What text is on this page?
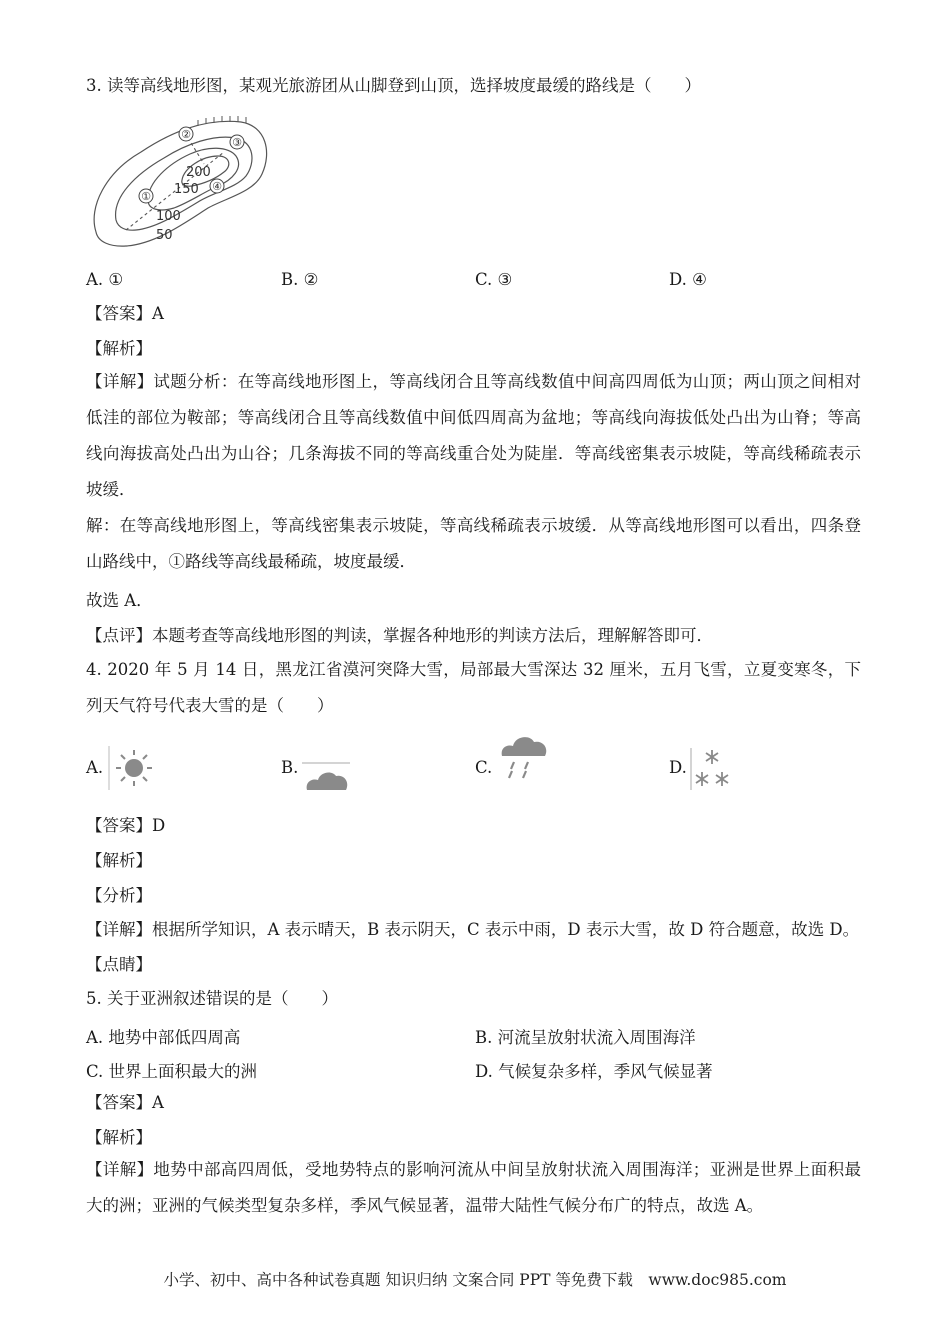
3. 读等高线地形图，某观光旅游团从山脚登到山顶，选择坡度最缓的路线是（　　）
①
②
③
④
200
150
100
50
A. ①	B. ②	C. ③	D. ④
【答案】A
【解析】
【详解】试题分析：在等高线地形图上，等高线闭合且等高线数值中间高四周低为山顶；两山顶之间相对低洼的部位为鞍部；等高线闭合且等高线数值中间低四周高为盆地；等高线向海拔低处凸出为山脊；等高线向海拔高处凸出为山谷；几条海拔不同的等高线重合处为陡崖．等高线密集表示坡陡，等高线稀疏表示坡缓．
解：在等高线地形图上，等高线密集表示坡陡，等高线稀疏表示坡缓．从等高线地形图可以看出，四条登山路线中，①路线等高线最稀疏，坡度最缓．
故选 A．
【点评】本题考查等高线地形图的判读，掌握各种地形的判读方法后，理解解答即可．
4. 2020 年 5 月 14 日，黑龙江省漠河突降大雪，局部最大雪深达 32 厘米，五月飞雪，立夏变寒冬，下列天气符号代表大雪的是（　　）
A.	B.	C.	D.
【答案】D
【解析】
【分析】
【详解】根据所学知识，A 表示晴天，B 表示阴天，C 表示中雨，D 表示大雪，故 D 符合题意，故选 D。
【点睛】
5. 关于亚洲叙述错误的是（　　）
A. 地势中部低四周高	B. 河流呈放射状流入周围海洋
C. 世界上面积最大的洲	D. 气候复杂多样，季风气候显著
【答案】A
【解析】
【详解】地势中部高四周低，受地势特点的影响河流从中间呈放射状流入周围海洋；亚洲是世界上面积最大的洲；亚洲的气候类型复杂多样，季风气候显著，温带大陆性气候分布广的特点，故选 A。
小学、初中、高中各种试卷真题 知识归纳 文案合同 PPT 等免费下载　www.doc985.com
